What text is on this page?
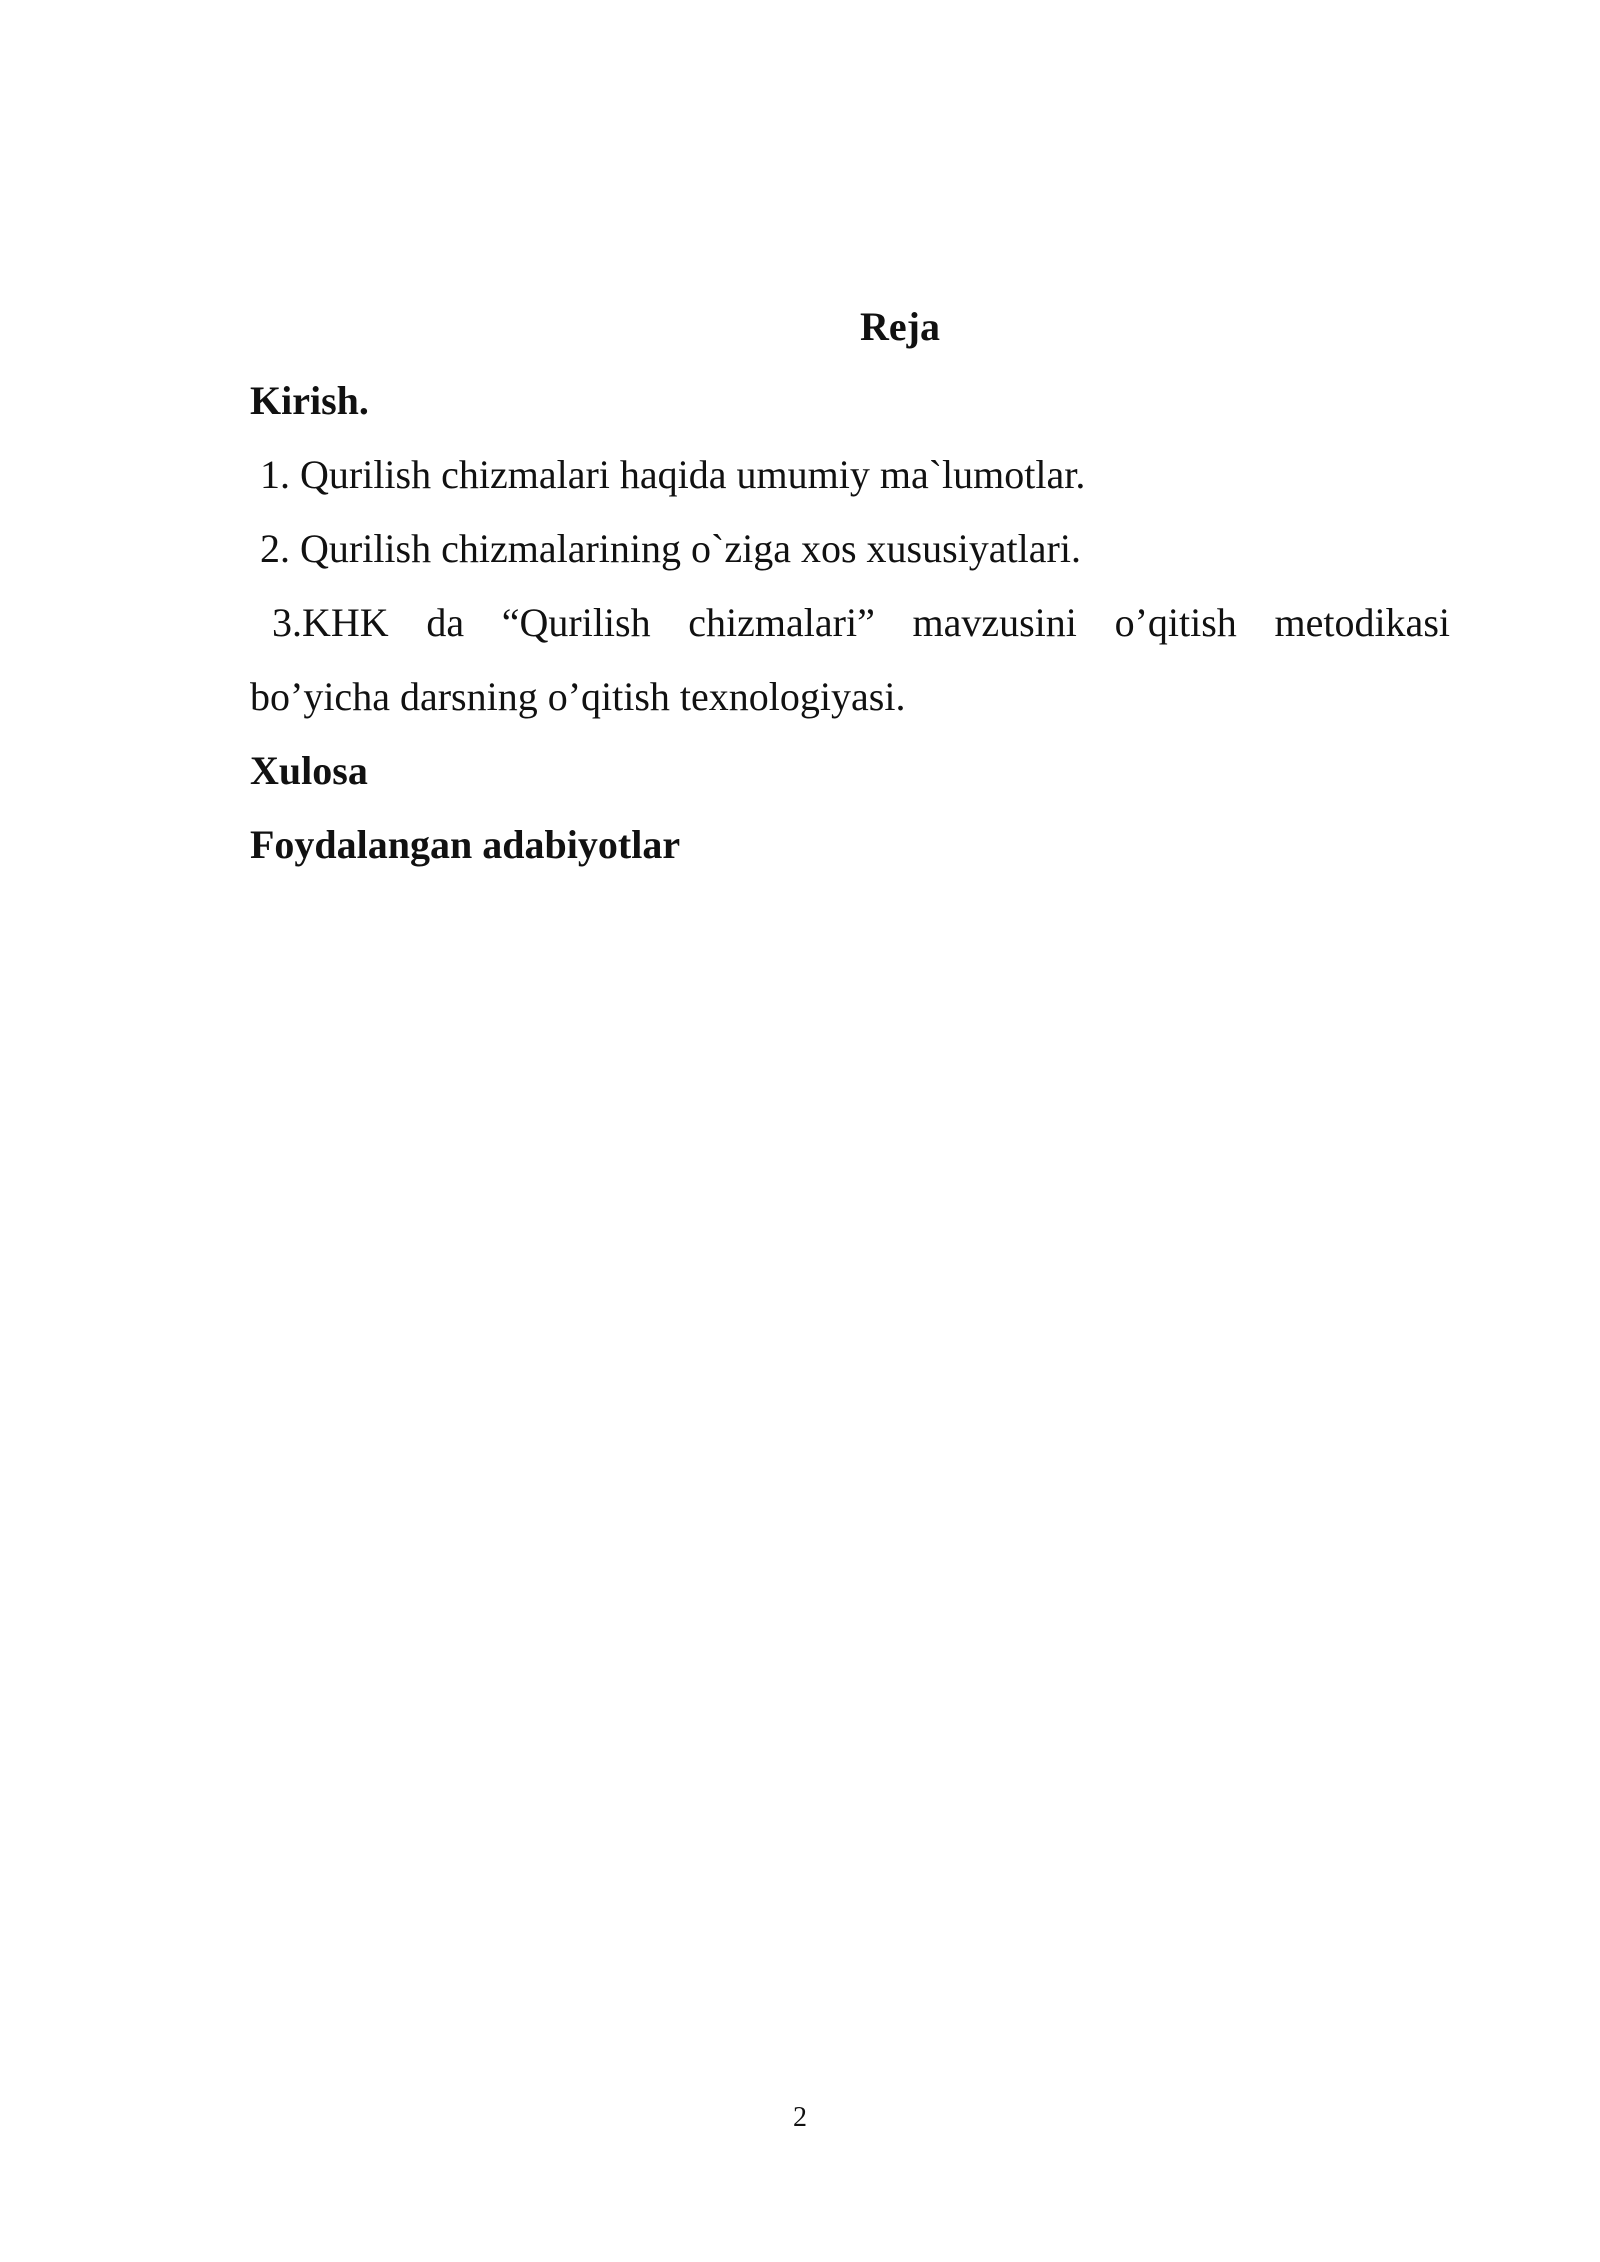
Reja

Kirish.

1. Qurilish chizmalari haqida umumiy ma`lumotlar.

2. Qurilish chizmalarining o`ziga xos xususiyatlari.

3.KHK da “Qurilish chizmalari” mavzusini o’qitish metodikasi

bo’yicha darsning o’qitish texnologiyasi.

Xulosa

Foydalangan adabiyotlar

2
